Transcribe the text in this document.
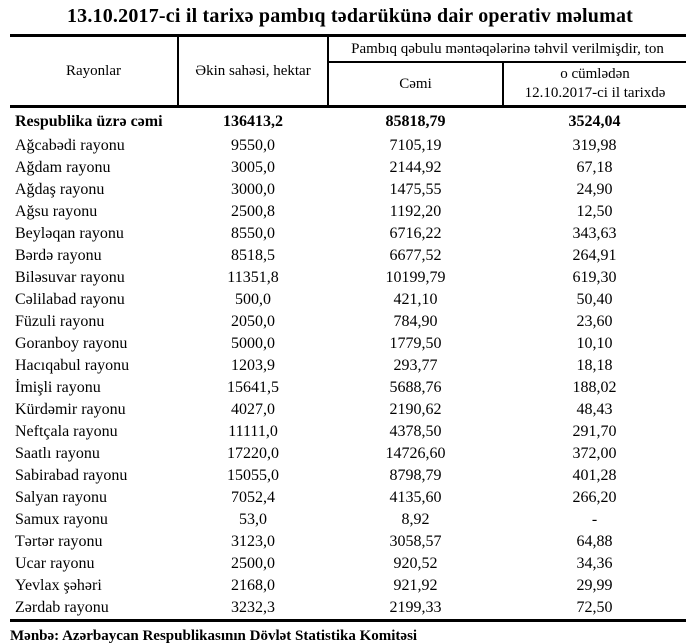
13.10.2017-ci il tarixə pambıq tədarükünə dair operativ məlumat
Rayonlar	Əkin sahəsi, hektar	Pambıq qəbulu məntəqələrinə təhvil verilmişdir, ton	
		Cəmi	o cümlədən
12.10.2017-ci il tarixdə

Respublika üzrə cəmi	136413,2	85818,79	3524,04
Ağcabədi rayonu	9550,0	7105,19	319,98
Ağdam rayonu	3005,0	2144,92	67,18
Ağdaş rayonu	3000,0	1475,55	24,90
Ağsu rayonu	2500,8	1192,20	12,50
Beyləqan rayonu	8550,0	6716,22	343,63
Bərdə rayonu	8518,5	6677,52	264,91
Biləsuvar rayonu	11351,8	10199,79	619,30
Cəlilabad rayonu	500,0	421,10	50,40
Füzuli rayonu	2050,0	784,90	23,60
Goranboy rayonu	5000,0	1779,50	10,10
Hacıqabul rayonu	1203,9	293,77	18,18
İmişli rayonu	15641,5	5688,76	188,02
Kürdəmir rayonu	4027,0	2190,62	48,43
Neftçala rayonu	11111,0	4378,50	291,70
Saatlı rayonu	17220,0	14726,60	372,00
Sabirabad rayonu	15055,0	8798,79	401,28
Salyan rayonu	7052,4	4135,60	266,20
Samux rayonu	53,0	8,92	-
Tərtər rayonu	3123,0	3058,57	64,88
Ucar rayonu	2500,0	920,52	34,36
Yevlax şəhəri	2168,0	921,92	29,99
Zərdab rayonu	3232,3	2199,33	72,50
Mənbə: Azərbaycan Respublikasının Dövlət Statistika Komitəsi
